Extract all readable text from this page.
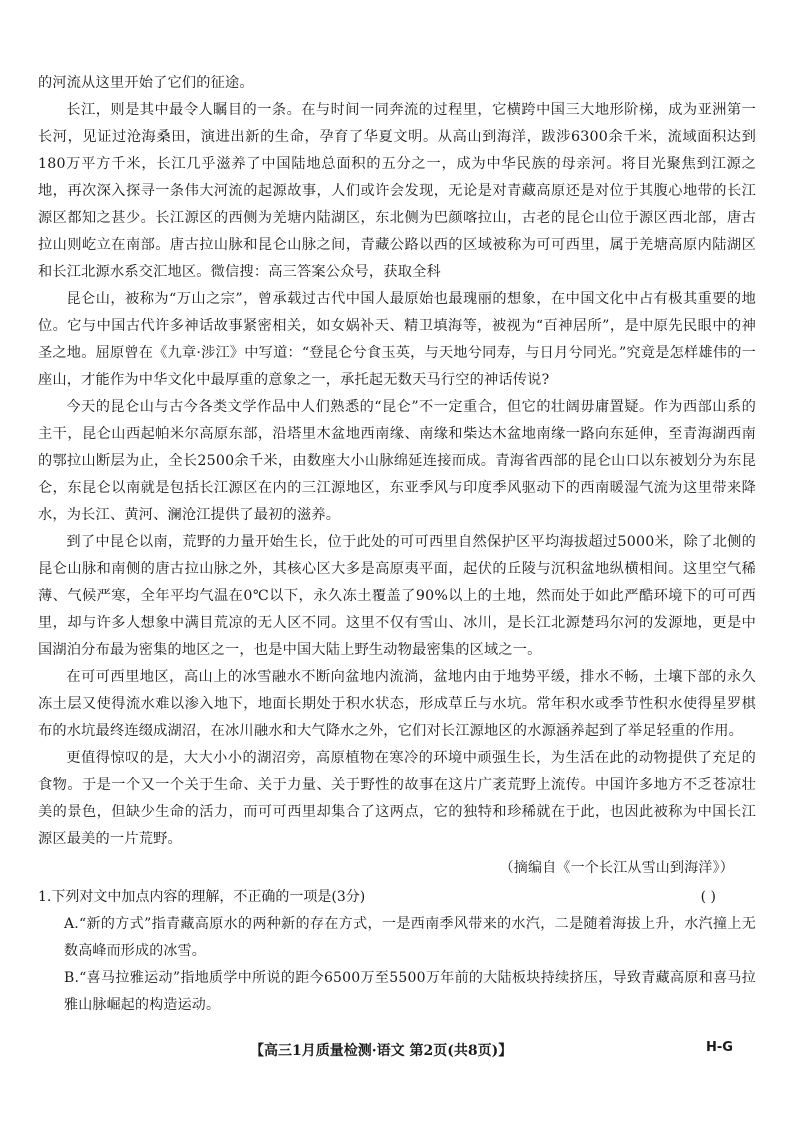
的河流从这里开始了它们的征途。

长江，则是其中最令人瞩目的一条。在与时间一同奔流的过程里，它横跨中国三大地形阶梯，成为亚洲第一长河，见证过沧海桑田，演进出新的生命，孕育了华夏文明。从高山到海洋，跋涉6300余千米，流域面积达到180万平方千米，长江几乎滋养了中国陆地总面积的五分之一，成为中华民族的母亲河。将目光聚焦到江源之地，再次深入探寻一条伟大河流的起源故事，人们或许会发现，无论是对青藏高原还是对位于其腹心地带的长江源区都知之甚少。长江源区的西侧为羌塘内陆湖区，东北侧为巴颜喀拉山，古老的昆仑山位于源区西北部，唐古拉山则屹立在南部。唐古拉山脉和昆仑山脉之间，青藏公路以西的区域被称为可可西里，属于羌塘高原内陆湖区和长江北源水系交汇地区。微信搜：高三答案公众号，获取全科

昆仑山，被称为“万山之宗”，曾承载过古代中国人最原始也最瑰丽的想象，在中国文化中占有极其重要的地位。它与中国古代许多神话故事紧密相关，如女娲补天、精卫填海等，被视为“百神居所”，是中原先民眼中的神圣之地。屈原曾在《九章·涉江》中写道：“登昆仑兮食玉英，与天地兮同寿，与日月兮同光。”究竟是怎样雄伟的一座山，才能作为中华文化中最厚重的意象之一，承托起无数天马行空的神话传说?

今天的昆仑山与古今各类文学作品中人们熟悉的“昆仑”不一定重合，但它的壮阔毋庸置疑。作为西部山系的主干，昆仑山西起帕米尔高原东部，沿塔里木盆地西南缘、南缘和柴达木盆地南缘一路向东延伸，至青海湖西南的鄂拉山断层为止，全长2500余千米，由数座大小山脉绵延连接而成。青海省西部的昆仑山口以东被划分为东昆仑，东昆仑以南就是包括长江源区在内的三江源地区，东亚季风与印度季风驱动下的西南暖湿气流为这里带来降水，为长江、黄河、澜沧江提供了最初的滋养。

到了中昆仑以南，荒野的力量开始生长，位于此处的可可西里自然保护区平均海拔超过5000米，除了北侧的昆仑山脉和南侧的唐古拉山脉之外，其核心区大多是高原夷平面，起伏的丘陵与沉积盆地纵横相间。这里空气稀薄、气候严寒，全年平均气温在0℃以下，永久冻土覆盖了90%以上的土地，然而处于如此严酷环境下的可可西里，却与许多人想象中满目荒凉的无人区不同。这里不仅有雪山、冰川，是长江北源楚玛尔河的发源地，更是中国湖泊分布最为密集的地区之一，也是中国大陆上野生动物最密集的区域之一。

在可可西里地区，高山上的冰雪融水不断向盆地内流淌，盆地内由于地势平缓，排水不畅，土壤下部的永久冻土层又使得流水难以渗入地下，地面长期处于积水状态，形成草丘与水坑。常年积水或季节性积水使得星罗棋布的水坑最终连缀成湖沼，在冰川融水和大气降水之外，它们对长江源地区的水源涵养起到了举足轻重的作用。

更值得惊叹的是，大大小小的湖沼旁，高原植物在寒冷的环境中顽强生长，为生活在此的动物提供了充足的食物。于是一个又一个关于生命、关于力量、关于野性的故事在这片广袤荒野上流传。中国许多地方不乏苍凉壮美的景色，但缺少生命的活力，而可可西里却集合了这两点，它的独特和珍稀就在于此，也因此被称为中国长江源区最美的一片荒野。

（摘编自《一个长江从雪山到海洋》）

1.下列对文中加点内容的理解，不正确的一项是(3分)	( )

A.“新的方式”指青藏高原水的两种新的存在方式，一是西南季风带来的水汽，二是随着海拔上升，水汽撞上无数高峰而形成的冰雪。

B.“喜马拉雅运动”指地质学中所说的距今6500万至5500万年前的大陆板块持续挤压，导致青藏高原和喜马拉雅山脉崛起的构造运动。

【高三1月质量检测·语文 第2页(共8页)】	H-G
